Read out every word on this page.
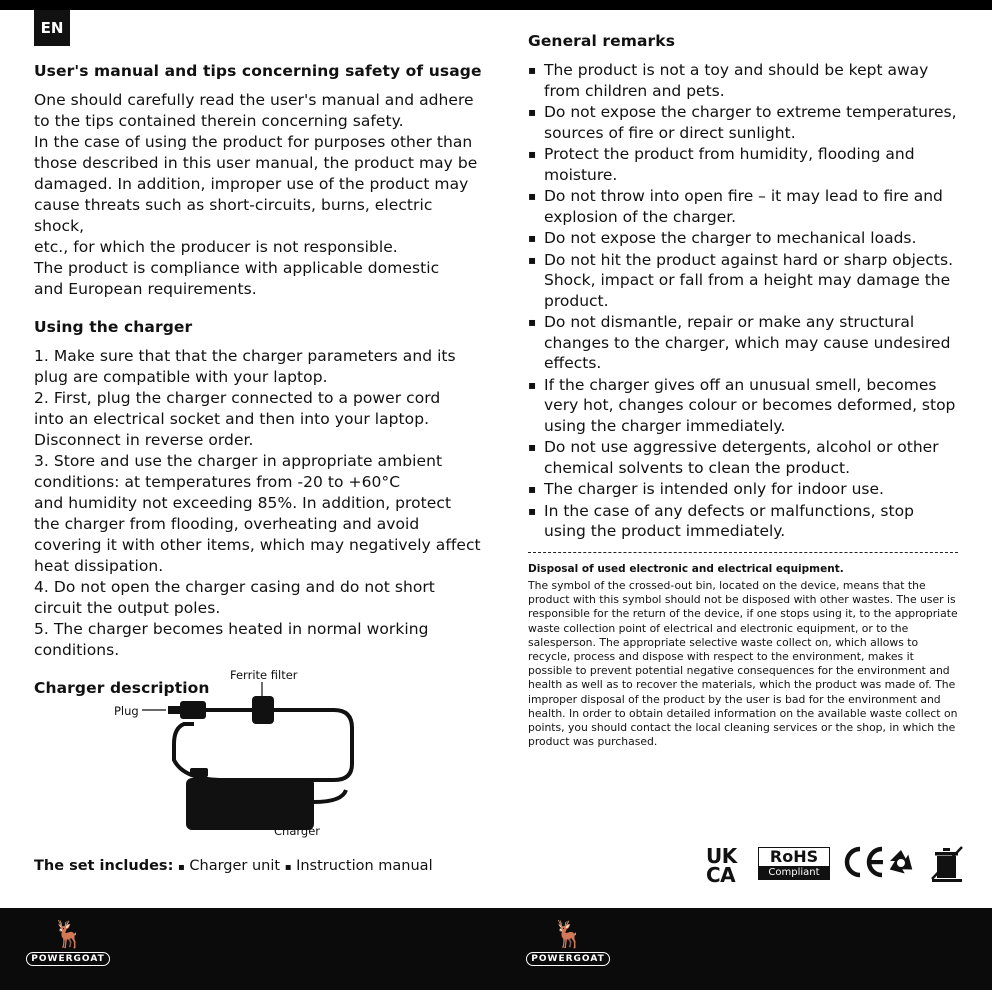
EN
User's manual and tips concerning safety of usage

One should carefully read the user's manual and adhere

to the tips contained therein concerning safety.

In the case of using the product for purposes other than

those described in this user manual, the product may be

damaged. In addition, improper use of the product may

cause threats such as short-circuits, burns, electric shock,

etc., for which the producer is not responsible.

The product is compliance with applicable domestic

and European requirements.

Using the charger

1. Make sure that that the charger parameters and its

plug are compatible with your laptop.

2. First, plug the charger connected to a power cord

into an electrical socket and then into your laptop.

Disconnect in reverse order.

3. Store and use the charger in appropriate ambient

conditions: at temperatures from -20 to +60°C

and humidity not exceeding 85%. In addition, protect

the charger from flooding, overheating and avoid

covering it with other items, which may negatively affect

heat dissipation.

4. Do not open the charger casing and do not short

circuit the output poles.

5. The charger becomes heated in normal working

conditions.

Charger description
Ferrite filter
Plug
Charger
The set includes: ▪ Charger unit ▪ Instruction manual
General remarks
▪ The product is not a toy and should be kept away from children and pets.
▪ Do not expose the charger to extreme temperatures, sources of fire or direct sunlight.
▪ Protect the product from humidity, flooding and moisture.
▪ Do not throw into open fire – it may lead to fire and explosion of the charger.
▪ Do not expose the charger to mechanical loads.
▪ Do not hit the product against hard or sharp objects. Shock, impact or fall from a height may damage the product.
▪ Do not dismantle, repair or make any structural changes to the charger, which may cause undesired effects.
▪ If the charger gives off an unusual smell, becomes very hot, changes colour or becomes deformed, stop using the charger immediately.
▪ Do not use aggressive detergents, alcohol or other chemical solvents to clean the product.
▪ The charger is intended only for indoor use.
▪ In the case of any defects or malfunctions, stop using the product immediately.
Disposal of used electronic and electrical equipment.

The symbol of the crossed-out bin, located on the device, means that the product with this symbol should not be disposed with other wastes. The user is responsible for the return of the device, if one stops using it, to the appropriate waste collection point of electrical and electronic equipment, or to the salesperson. The appropriate selective waste collect on, which allows to recycle, process and dispose with respect to the environment, makes it possible to prevent potential negative consequences for the environment and health as well as to recover the materials, which the product was made of. The improper disposal of the product by the user is bad for the environment and health. In order to obtain detailed information on the available waste collect on points, you should contact the local cleaning services or the shop, in which the product was purchased.

UK
CA
RoHS
Compliant
🦌
POWERGOAT
🦌
POWERGOAT
